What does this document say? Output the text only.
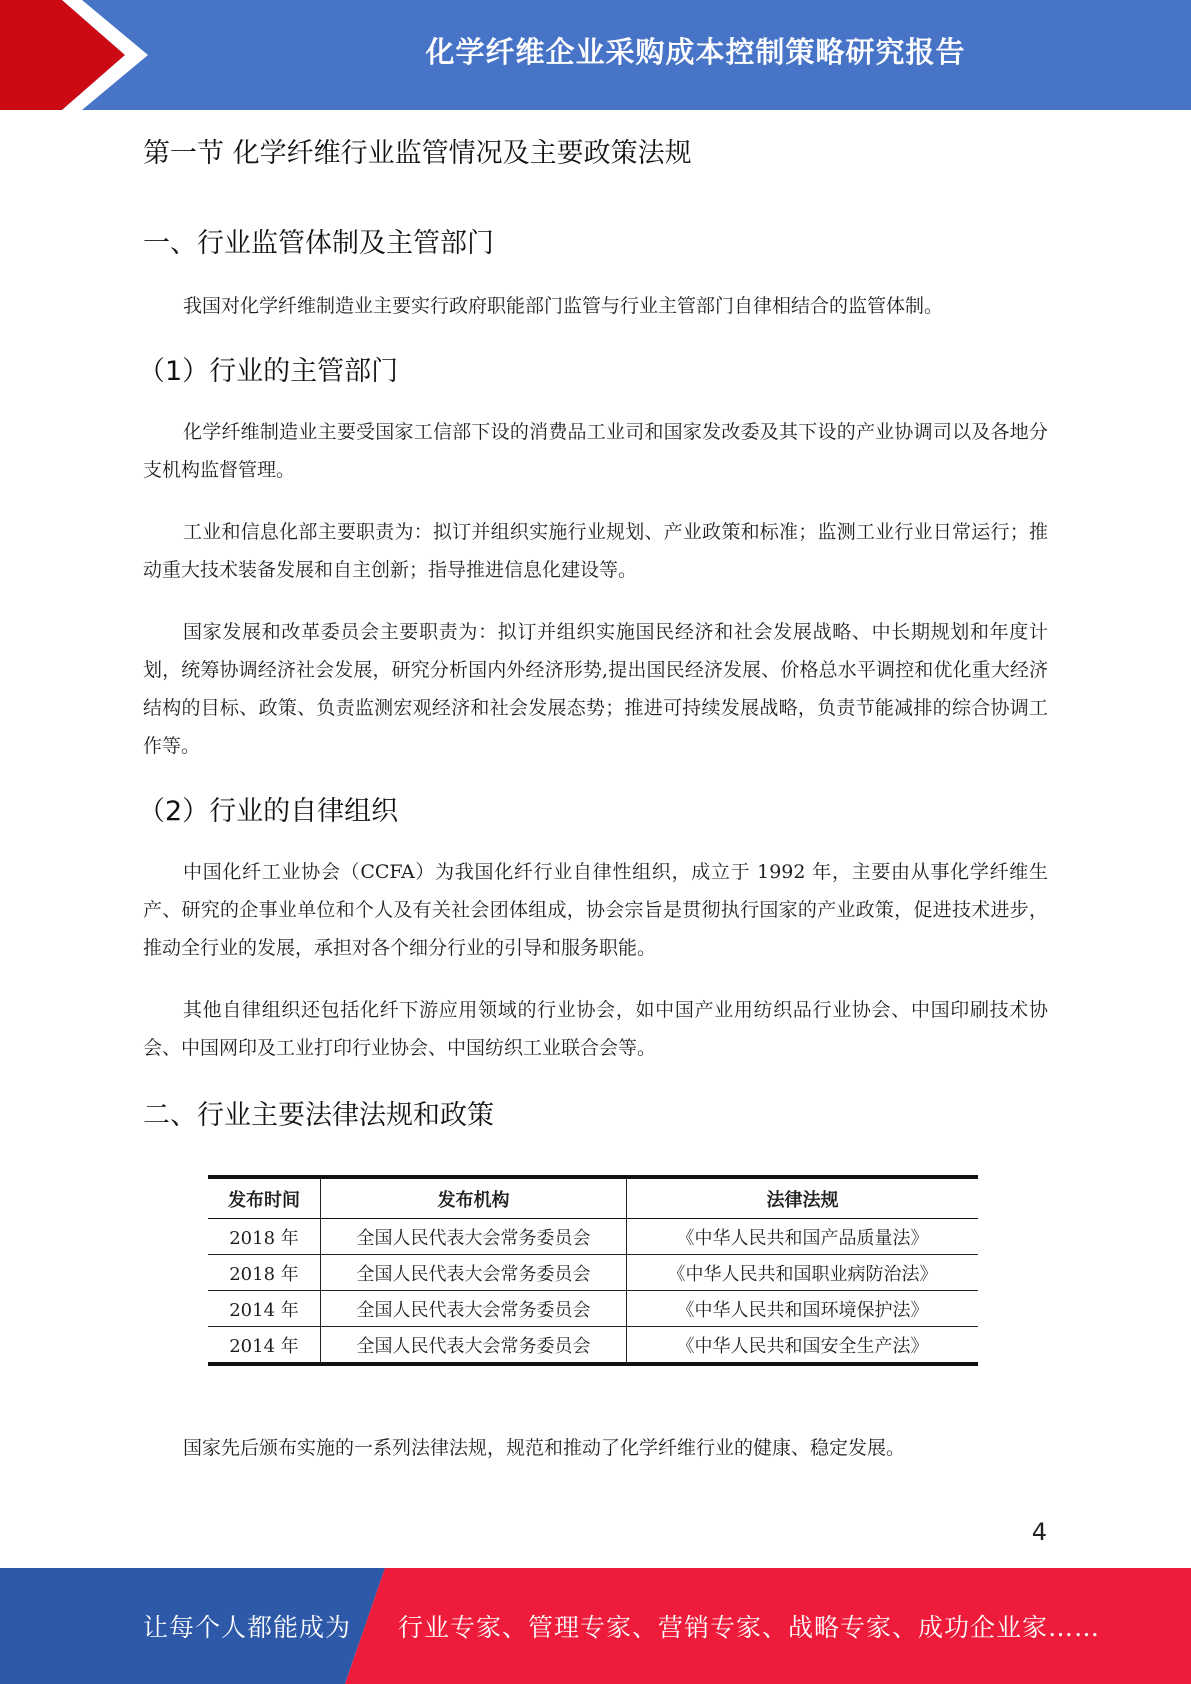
化学纤维企业采购成本控制策略研究报告
第一节 化学纤维行业监管情况及主要政策法规
一、行业监管体制及主管部门

我国对化学纤维制造业主要实行政府职能部门监管与行业主管部门自律相结合的监管体制。

（1）行业的主管部门

化学纤维制造业主要受国家工信部下设的消费品工业司和国家发改委及其下设的产业协调司以及各地分支机构监督管理。

工业和信息化部主要职责为：拟订并组织实施行业规划、产业政策和标准；监测工业行业日常运行；推动重大技术装备发展和自主创新；指导推进信息化建设等。

国家发展和改革委员会主要职责为：拟订并组织实施国民经济和社会发展战略、中长期规划和年度计划，统筹协调经济社会发展，研究分析国内外经济形势,提出国民经济发展、价格总水平调控和优化重大经济结构的目标、政策、负责监测宏观经济和社会发展态势；推进可持续发展战略，负责节能减排的综合协调工作等。

（2）行业的自律组织

中国化纤工业协会（CCFA）为我国化纤行业自律性组织，成立于 1992 年，主要由从事化学纤维生产、研究的企事业单位和个人及有关社会团体组成，协会宗旨是贯彻执行国家的产业政策，促进技术进步，推动全行业的发展，承担对各个细分行业的引导和服务职能。

其他自律组织还包括化纤下游应用领域的行业协会，如中国产业用纺织品行业协会、中国印刷技术协会、中国网印及工业打印行业协会、中国纺织工业联合会等。

二、行业主要法律法规和政策
发布时间	发布机构	法律法规
2018 年	全国人民代表大会常务委员会	《中华人民共和国产品质量法》
2018 年	全国人民代表大会常务委员会	《中华人民共和国职业病防治法》
2014 年	全国人民代表大会常务委员会	《中华人民共和国环境保护法》
2014 年	全国人民代表大会常务委员会	《中华人民共和国安全生产法》

国家先后颁布实施的一系列法律法规，规范和推动了化学纤维行业的健康、稳定发展。

4
让每个人都能成为 行业专家、管理专家、营销专家、战略专家、成功企业家……
